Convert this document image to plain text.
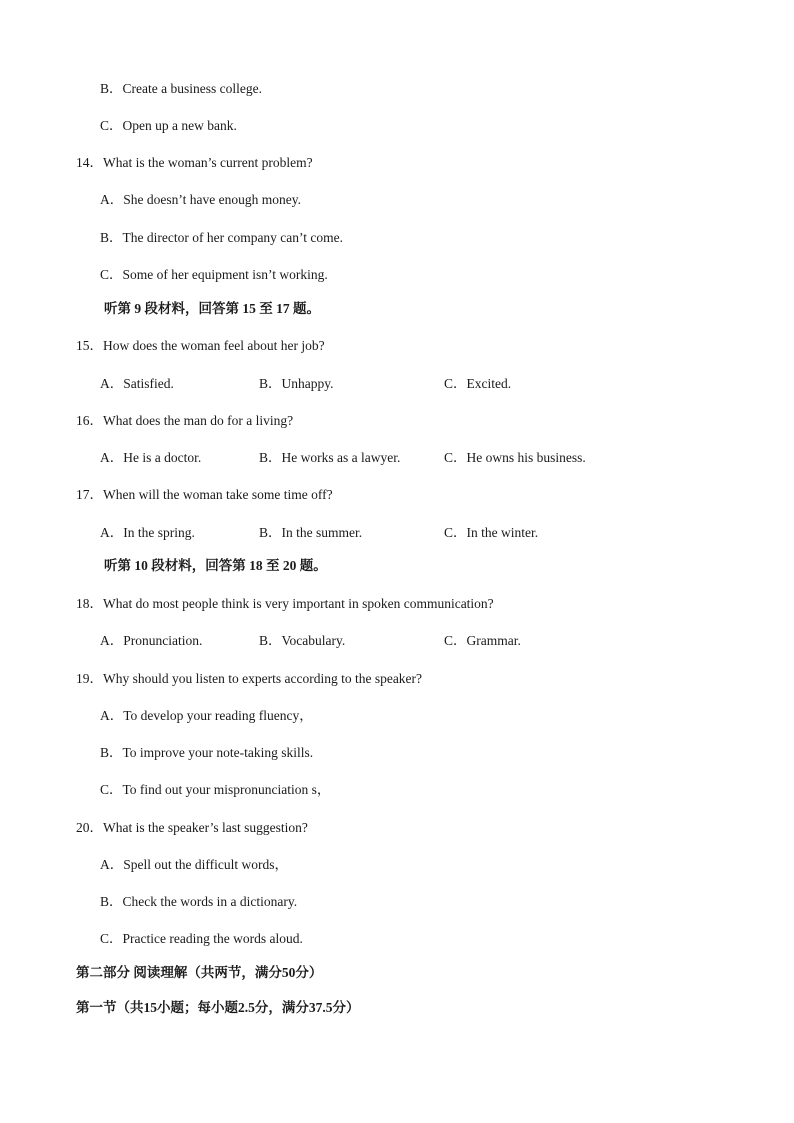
B．Create a business college.
C．Open up a new bank.
14．What is the woman’s current problem?
A．She doesn’t have enough money.
B．The director of her company can’t come.
C．Some of her equipment isn’t working.
听第 9 段材料，回答第 15 至 17 题。
15．How does the woman feel about her job?
A．Satisfied.	B．Unhappy.	C．Excited.
16．What does the man do for a living?
A．He is a doctor.	B．He works as a lawyer.	C．He owns his business.
17．When will the woman take some time off?
A．In the spring.	B．In the summer.	C．In the winter.
听第 10 段材料，回答第 18 至 20 题。
18．What do most people think is very important in spoken communication?
A．Pronunciation.	B．Vocabulary.	C．Grammar.
19．Why should you listen to experts according to the speaker?
A．To develop your reading fluency，
B．To improve your note-taking skills.
C．To find out your mispronunciation s，
20．What is the speaker’s last suggestion?
A．Spell out the difficult words，
B．Check the words in a dictionary.
C．Practice reading the words aloud.
第二部分 阅读理解（共两节，满分50分）
第一节（共15小题；每小题2.5分，满分37.5分）
